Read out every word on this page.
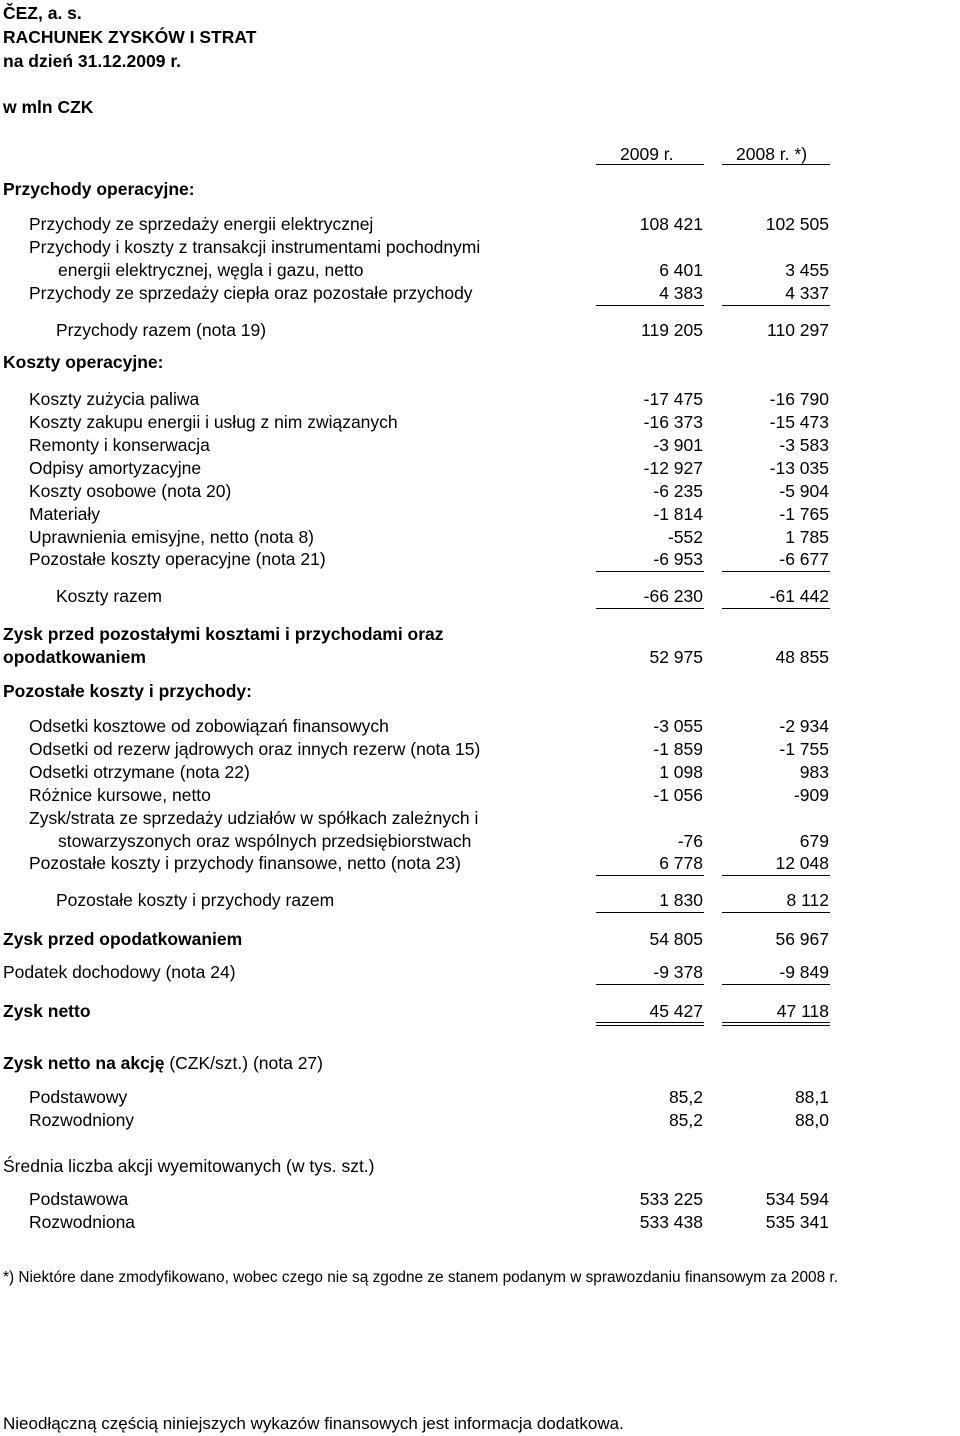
ČEZ, a. s.
RACHUNEK ZYSKÓW I STRAT
na dzień 31.12.2009 r.
w mln CZK
2009 r.	2008 r. *)
Przychody operacyjne:
Przychody ze sprzedaży energii elektrycznej	108 421	102 505
Przychody i koszty z transakcji instrumentami pochodnymi
energii elektrycznej, węgla i gazu, netto	6 401	3 455
Przychody ze sprzedaży ciepła oraz pozostałe przychody	4 383	4 337
Przychody razem (nota 19)	119 205	110 297
Koszty operacyjne:
Koszty zużycia paliwa	-17 475	-16 790
Koszty zakupu energii i usług z nim związanych	-16 373	-15 473
Remonty i konserwacja	-3 901	-3 583
Odpisy amortyzacyjne	-12 927	-13 035
Koszty osobowe (nota 20)	-6 235	-5 904
Materiały	-1 814	-1 765
Uprawnienia emisyjne, netto (nota 8)	-552	1 785
Pozostałe koszty operacyjne (nota 21)	-6 953	-6 677
Koszty razem	-66 230	-61 442
Zysk przed pozostałymi kosztami i przychodami oraz
opodatkowaniem	52 975	48 855
Pozostałe koszty i przychody:
Odsetki kosztowe od zobowiązań finansowych	-3 055	-2 934
Odsetki od rezerw jądrowych oraz innych rezerw (nota 15)	-1 859	-1 755
Odsetki otrzymane (nota 22)	1 098	983
Różnice kursowe, netto	-1 056	-909
Zysk/strata ze sprzedaży udziałów w spółkach zależnych i
stowarzyszonych oraz wspólnych przedsiębiorstwach	-76	679
Pozostałe koszty i przychody finansowe, netto (nota 23)	6 778	12 048
Pozostałe koszty i przychody razem	1 830	8 112
Zysk przed opodatkowaniem	54 805	56 967
Podatek dochodowy (nota 24)	-9 378	-9 849
Zysk netto	45 427	47 118
Zysk netto na akcję (CZK/szt.) (nota 27)
Podstawowy	85,2	88,1
Rozwodniony	85,2	88,0
Średnia liczba akcji wyemitowanych (w tys. szt.)
Podstawowa	533 225	534 594
Rozwodniona	533 438	535 341
*) Niektóre dane zmodyfikowano, wobec czego nie są zgodne ze stanem podanym w sprawozdaniu finansowym za 2008 r.
Nieodłączną częścią niniejszych wykazów finansowych jest informacja dodatkowa.
